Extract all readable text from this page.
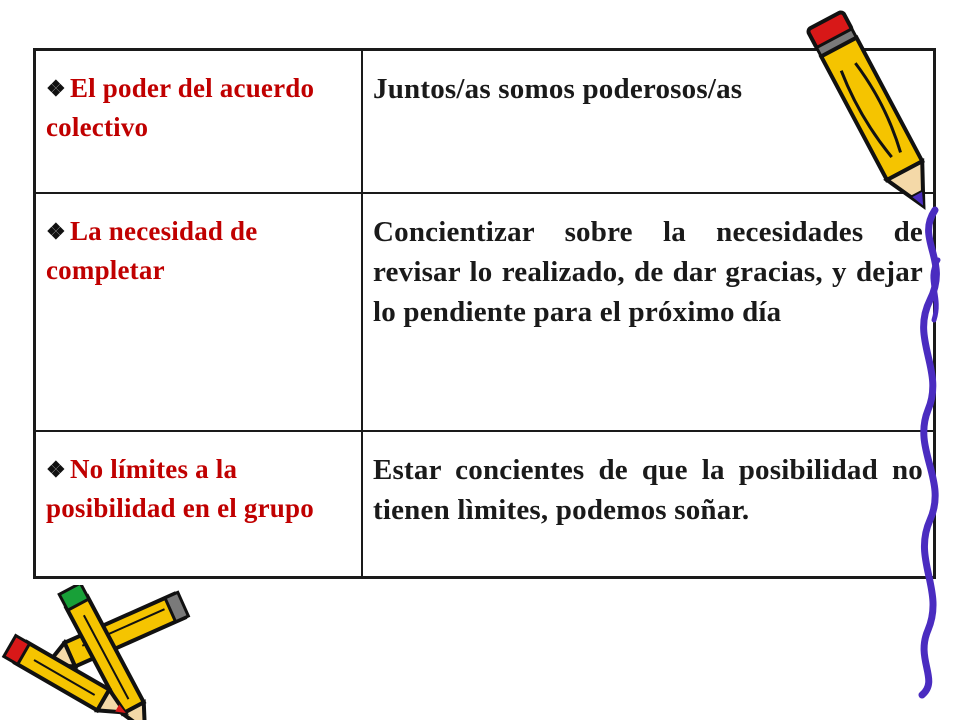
❖ El poder del acuerdo colectivo	Juntos/as somos poderosos/as
❖ La necesidad de completar	Concientizar sobre la necesidades de revisar lo realizado, de dar gracias, y dejar lo pendiente para el próximo día
❖ No límites a la posibilidad en el grupo	Estar concientes de que la posibilidad no tienen lìmites, podemos soñar.
